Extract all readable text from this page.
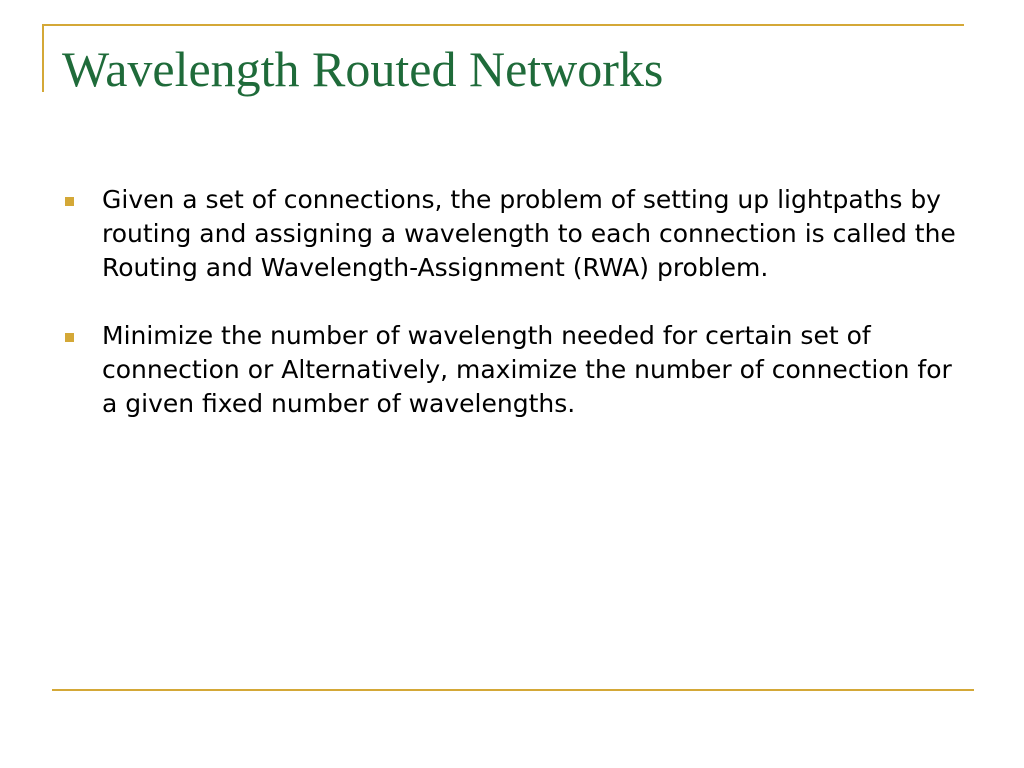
Wavelength Routed Networks
Given a set of connections, the problem of setting up lightpaths by routing and assigning a wavelength to each connection is called the Routing and Wavelength-Assignment (RWA) problem.
Minimize the number of wavelength needed for certain set of connection or Alternatively, maximize the number of connection for a given fixed number of wavelengths.
